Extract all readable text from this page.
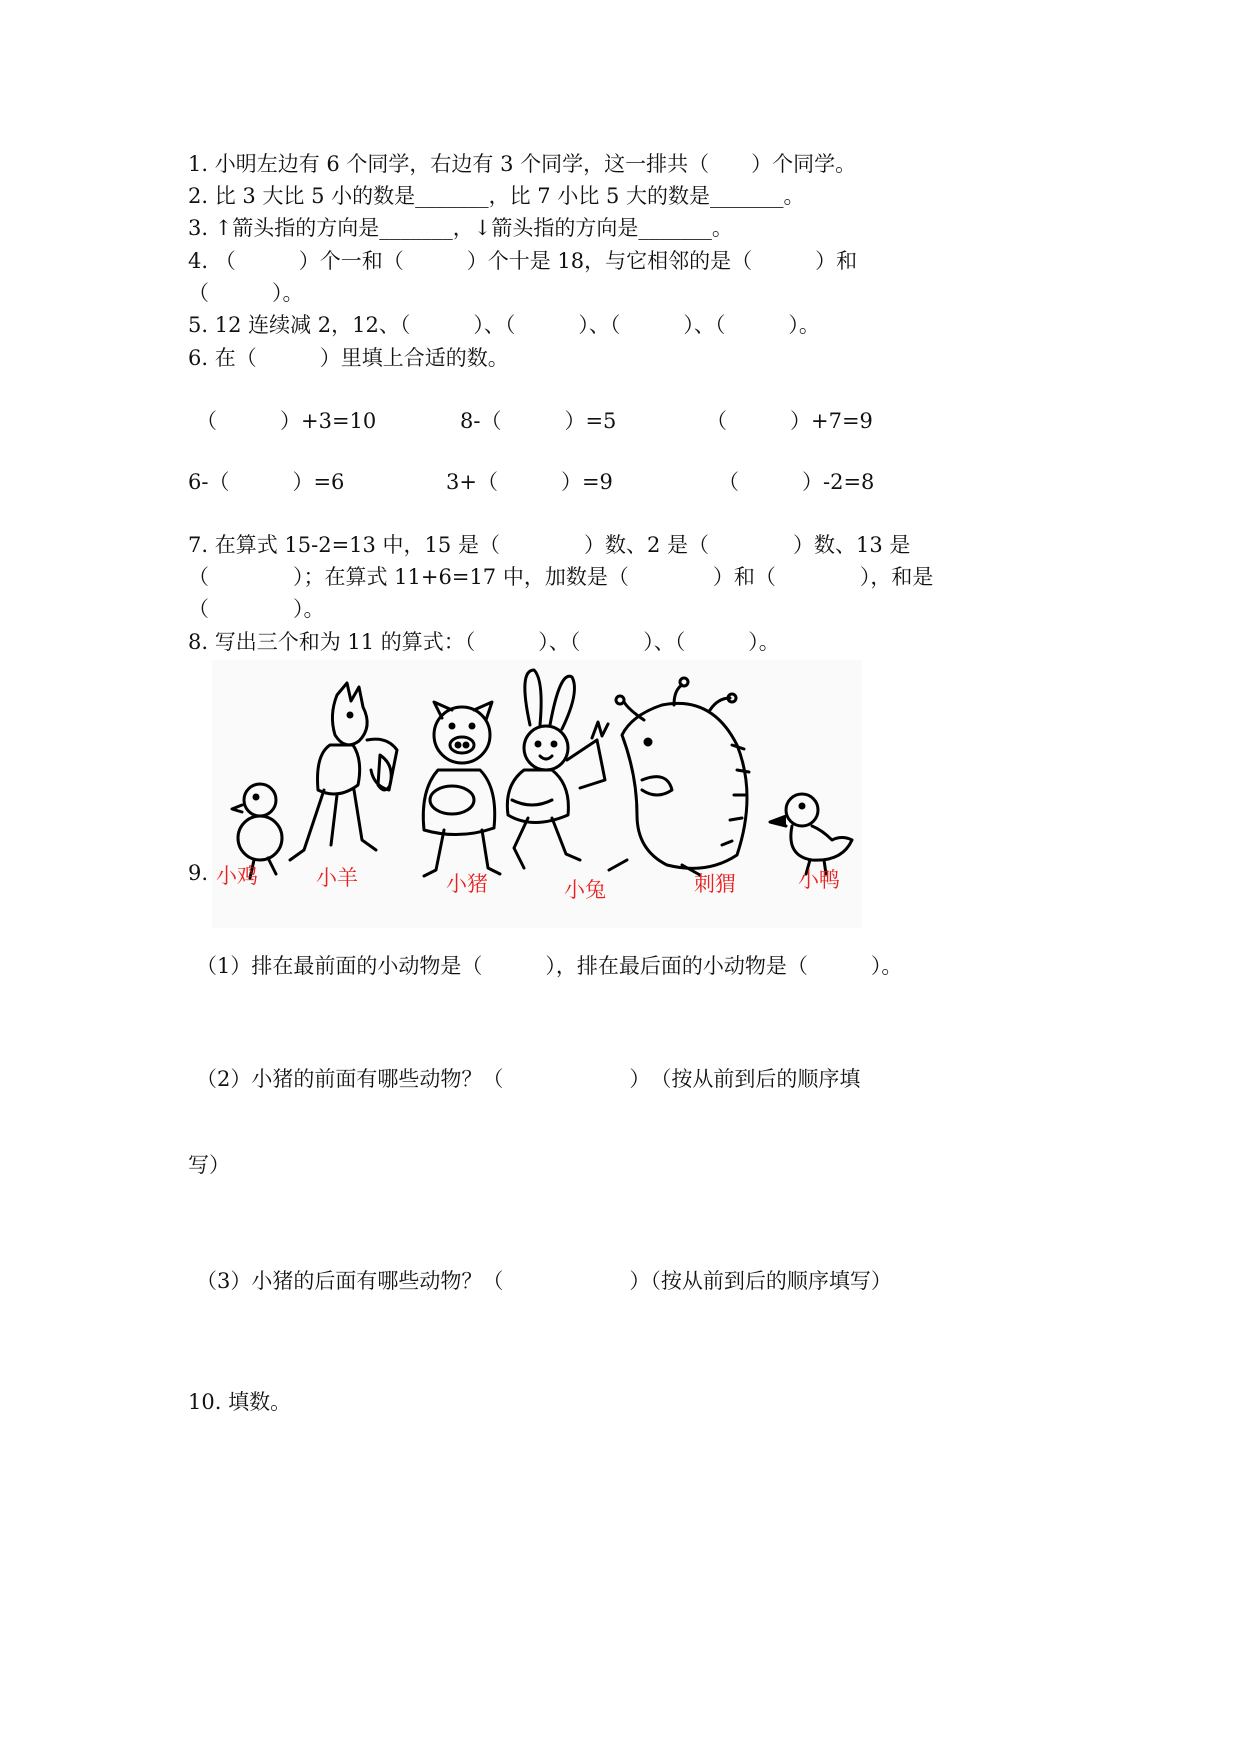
1. 小明左边有 6 个同学，右边有 3 个同学，这一排共（　　）个同学。
2. 比 3 大比 5 小的数是_______，比 7 小比 5 大的数是_______。
3. ↑箭头指的方向是_______，↓箭头指的方向是_______。
4. （　　　）个一和（　　　）个十是 18，与它相邻的是（　　　）和
（　　　）。
5. 12 连续减 2，12、（　　　）、（　　　）、（　　　）、（　　　）。
6. 在（　　　）里填上合适的数。
（　　　）+3=10	8-（　　　）=5	（　　　）+7=9
6-（　　　）=6	3+（　　　）=9	（　　　）-2=8
7. 在算式 15-2=13 中，15 是（　　　　）数、2 是（　　　　）数、13 是
（　　　　）；在算式 11+6=17 中，加数是（　　　　）和（　　　　），和是
（　　　　）。
8. 写出三个和为 11 的算式：（　　　）、（　　　）、（　　　）。
9. 小鸡	小羊	小猪	小兔	刺猬	小鸭
（1）排在最前面的小动物是（　　　），排在最后面的小动物是（　　　）。
（2）小猪的前面有哪些动物？（　　　　　　）　（按从前到后的顺序填
写）
（3）小猪的后面有哪些动物？（　　　　　　）（按从前到后的顺序填写）
10. 填数。
